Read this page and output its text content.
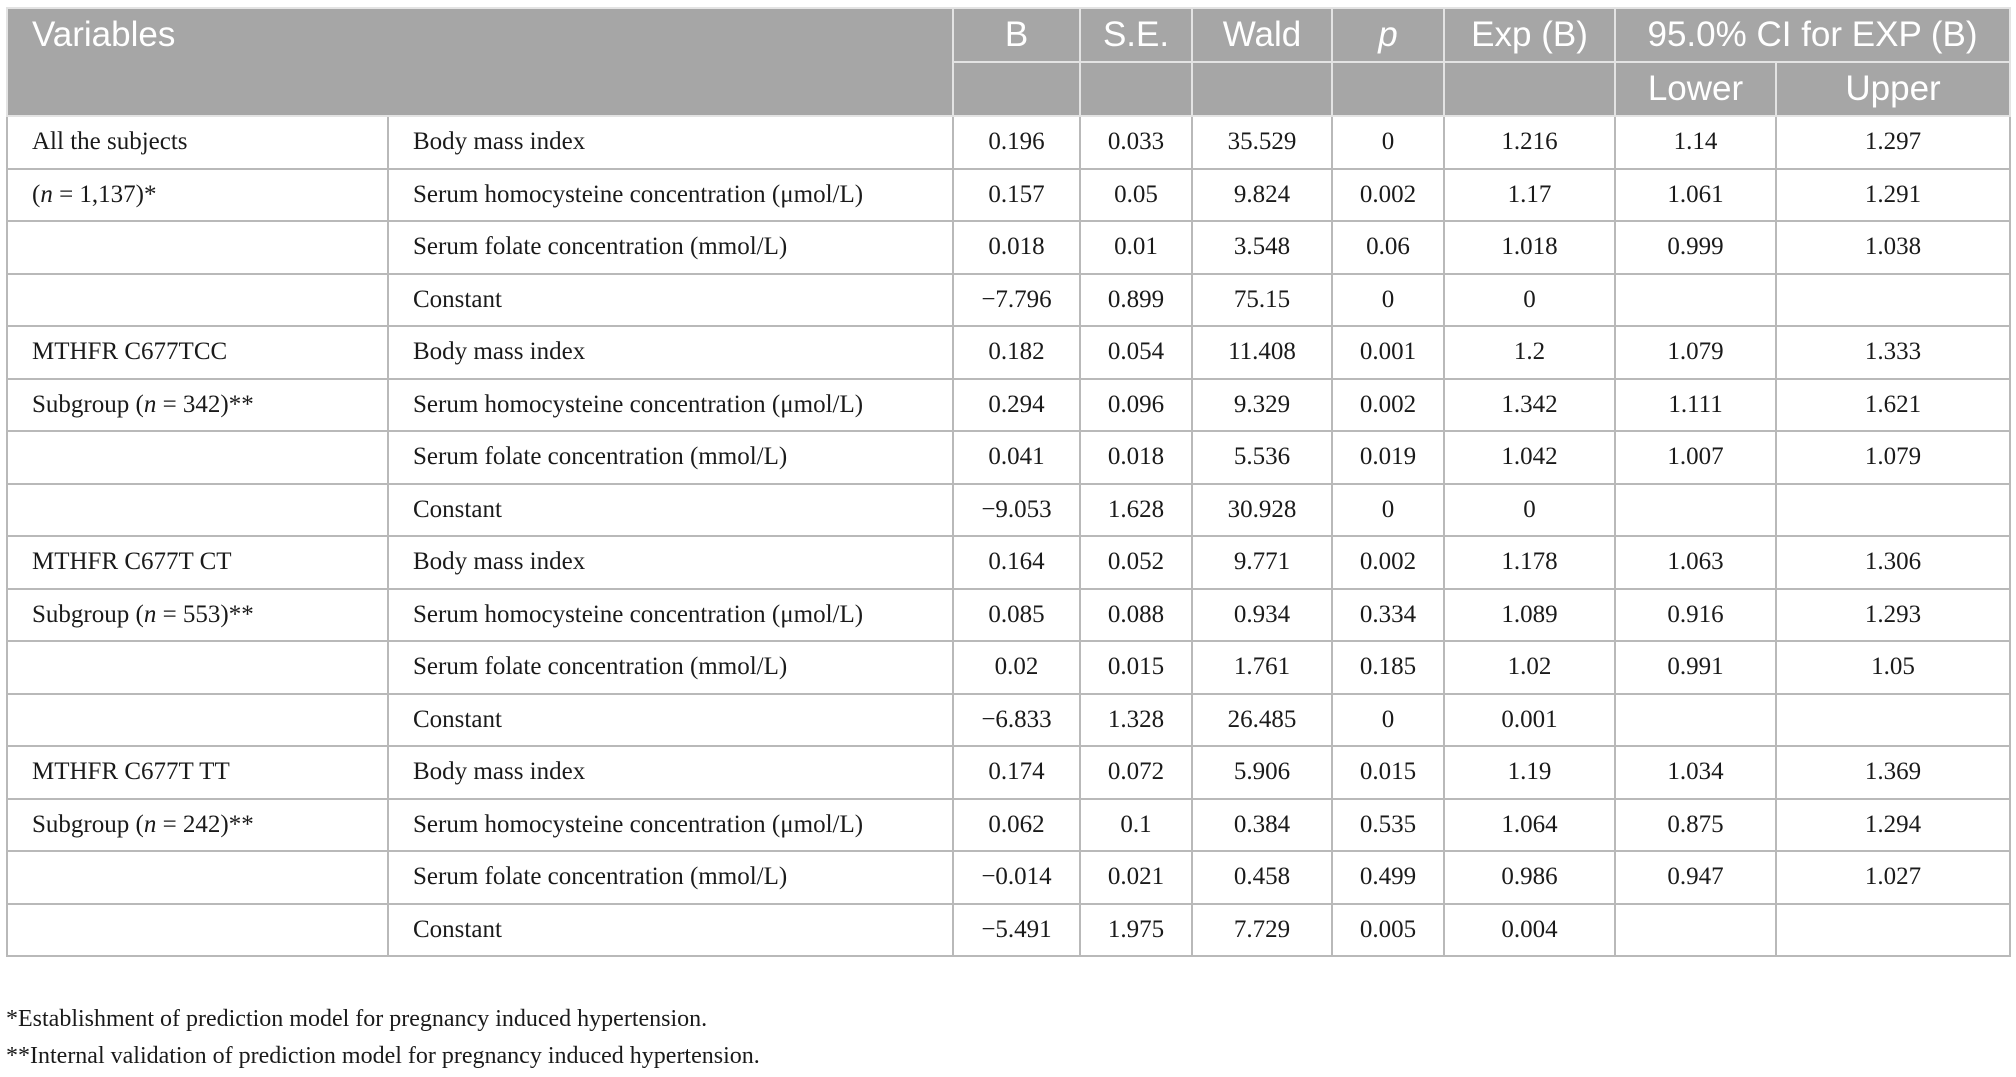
Variables		B	S.E.	Wald	p	Exp (B)	95.0% CI for EXP (B)	
							Lower	Upper
All the subjects	Body mass index	0.196	0.033	35.529	0	1.216	1.14	1.297
(n = 1,137)*	Serum homocysteine concentration (μmol/L)	0.157	0.05	9.824	0.002	1.17	1.061	1.291
	Serum folate concentration (mmol/L)	0.018	0.01	3.548	0.06	1.018	0.999	1.038
	Constant	−7.796	0.899	75.15	0	0		
MTHFR C677TCC	Body mass index	0.182	0.054	11.408	0.001	1.2	1.079	1.333
Subgroup (n = 342)**	Serum homocysteine concentration (μmol/L)	0.294	0.096	9.329	0.002	1.342	1.111	1.621
	Serum folate concentration (mmol/L)	0.041	0.018	5.536	0.019	1.042	1.007	1.079
	Constant	−9.053	1.628	30.928	0	0		
MTHFR C677T CT	Body mass index	0.164	0.052	9.771	0.002	1.178	1.063	1.306
Subgroup (n = 553)**	Serum homocysteine concentration (μmol/L)	0.085	0.088	0.934	0.334	1.089	0.916	1.293
	Serum folate concentration (mmol/L)	0.02	0.015	1.761	0.185	1.02	0.991	1.05
	Constant	−6.833	1.328	26.485	0	0.001		
MTHFR C677T TT	Body mass index	0.174	0.072	5.906	0.015	1.19	1.034	1.369
Subgroup (n = 242)**	Serum homocysteine concentration (μmol/L)	0.062	0.1	0.384	0.535	1.064	0.875	1.294
	Serum folate concentration (mmol/L)	−0.014	0.021	0.458	0.499	0.986	0.947	1.027
	Constant	−5.491	1.975	7.729	0.005	0.004		
*Establishment of prediction model for pregnancy induced hypertension.
**Internal validation of prediction model for pregnancy induced hypertension.
